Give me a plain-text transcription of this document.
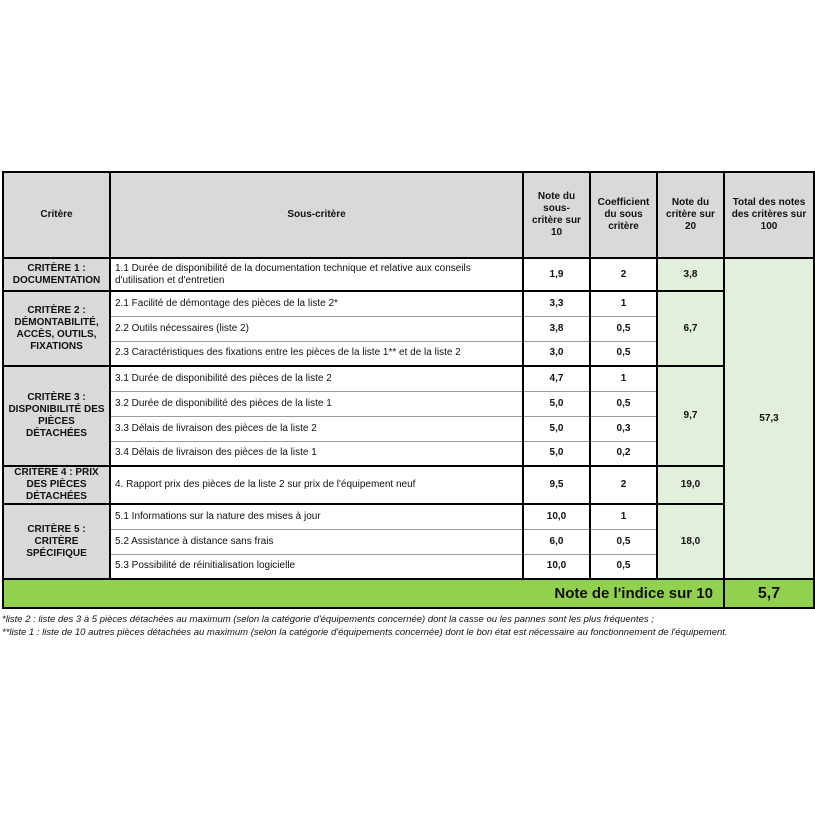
Critère	Sous-critère	Note du sous-critère sur 10	Coefficient du sous critère	Note du critère sur 20	Total des notes des critères sur 100
CRITÈRE 1 : DOCUMENTATION	1.1 Durée de disponibilité de la documentation technique et relative aux conseils d'utilisation et d'entretien	1,9	2	3,8	57,3
CRITÈRE 2 : DÉMONTABILITÉ, ACCÈS, OUTILS, FIXATIONS	2.1 Facilité de démontage des pièces de la liste 2*	3,3	1	6,7	
	2.2 Outils nécessaires (liste 2)	3,8	0,5		
	2.3 Caractéristiques des fixations entre les pièces de la liste 1** et de la liste 2	3,0	0,5		
CRITÈRE 3 : DISPONIBILITÉ DES PIÈCES DÉTACHÉES	3.1 Durée de disponibilité des pièces de la liste 2	4,7	1	9,7	
	3.2 Durée de disponibilité des pièces de la liste 1	5,0	0,5		
	3.3 Délais de livraison des pièces de la liste 2	5,0	0,3		
	3.4 Délais de livraison des pièces de la liste 1	5,0	0,2		
CRITÈRE 4 : PRIX DES PIÈCES DÉTACHÉES	4. Rapport prix des pièces de la liste 2 sur prix de l'équipement neuf	9,5	2	19,0	
CRITÈRE 5 : CRITÈRE SPÉCIFIQUE	5.1 Informations sur la nature des mises à jour	10,0	1	18,0	
	5.2 Assistance à distance sans frais	6,0	0,5		
	5.3 Possibilité de réinitialisation logicielle	10,0	0,5		
Note de l'indice sur 10					5,7

*liste 2 : liste des 3 à 5 pièces détachées au maximum (selon la catégorie d'équipements concernée) dont la casse ou les pannes sont les plus fréquentes ;

**liste 1 : liste de 10 autres pièces détachées au maximum (selon la catégorie d'équipements concernée) dont le bon état est nécessaire au fonctionnement de l'équipement.
